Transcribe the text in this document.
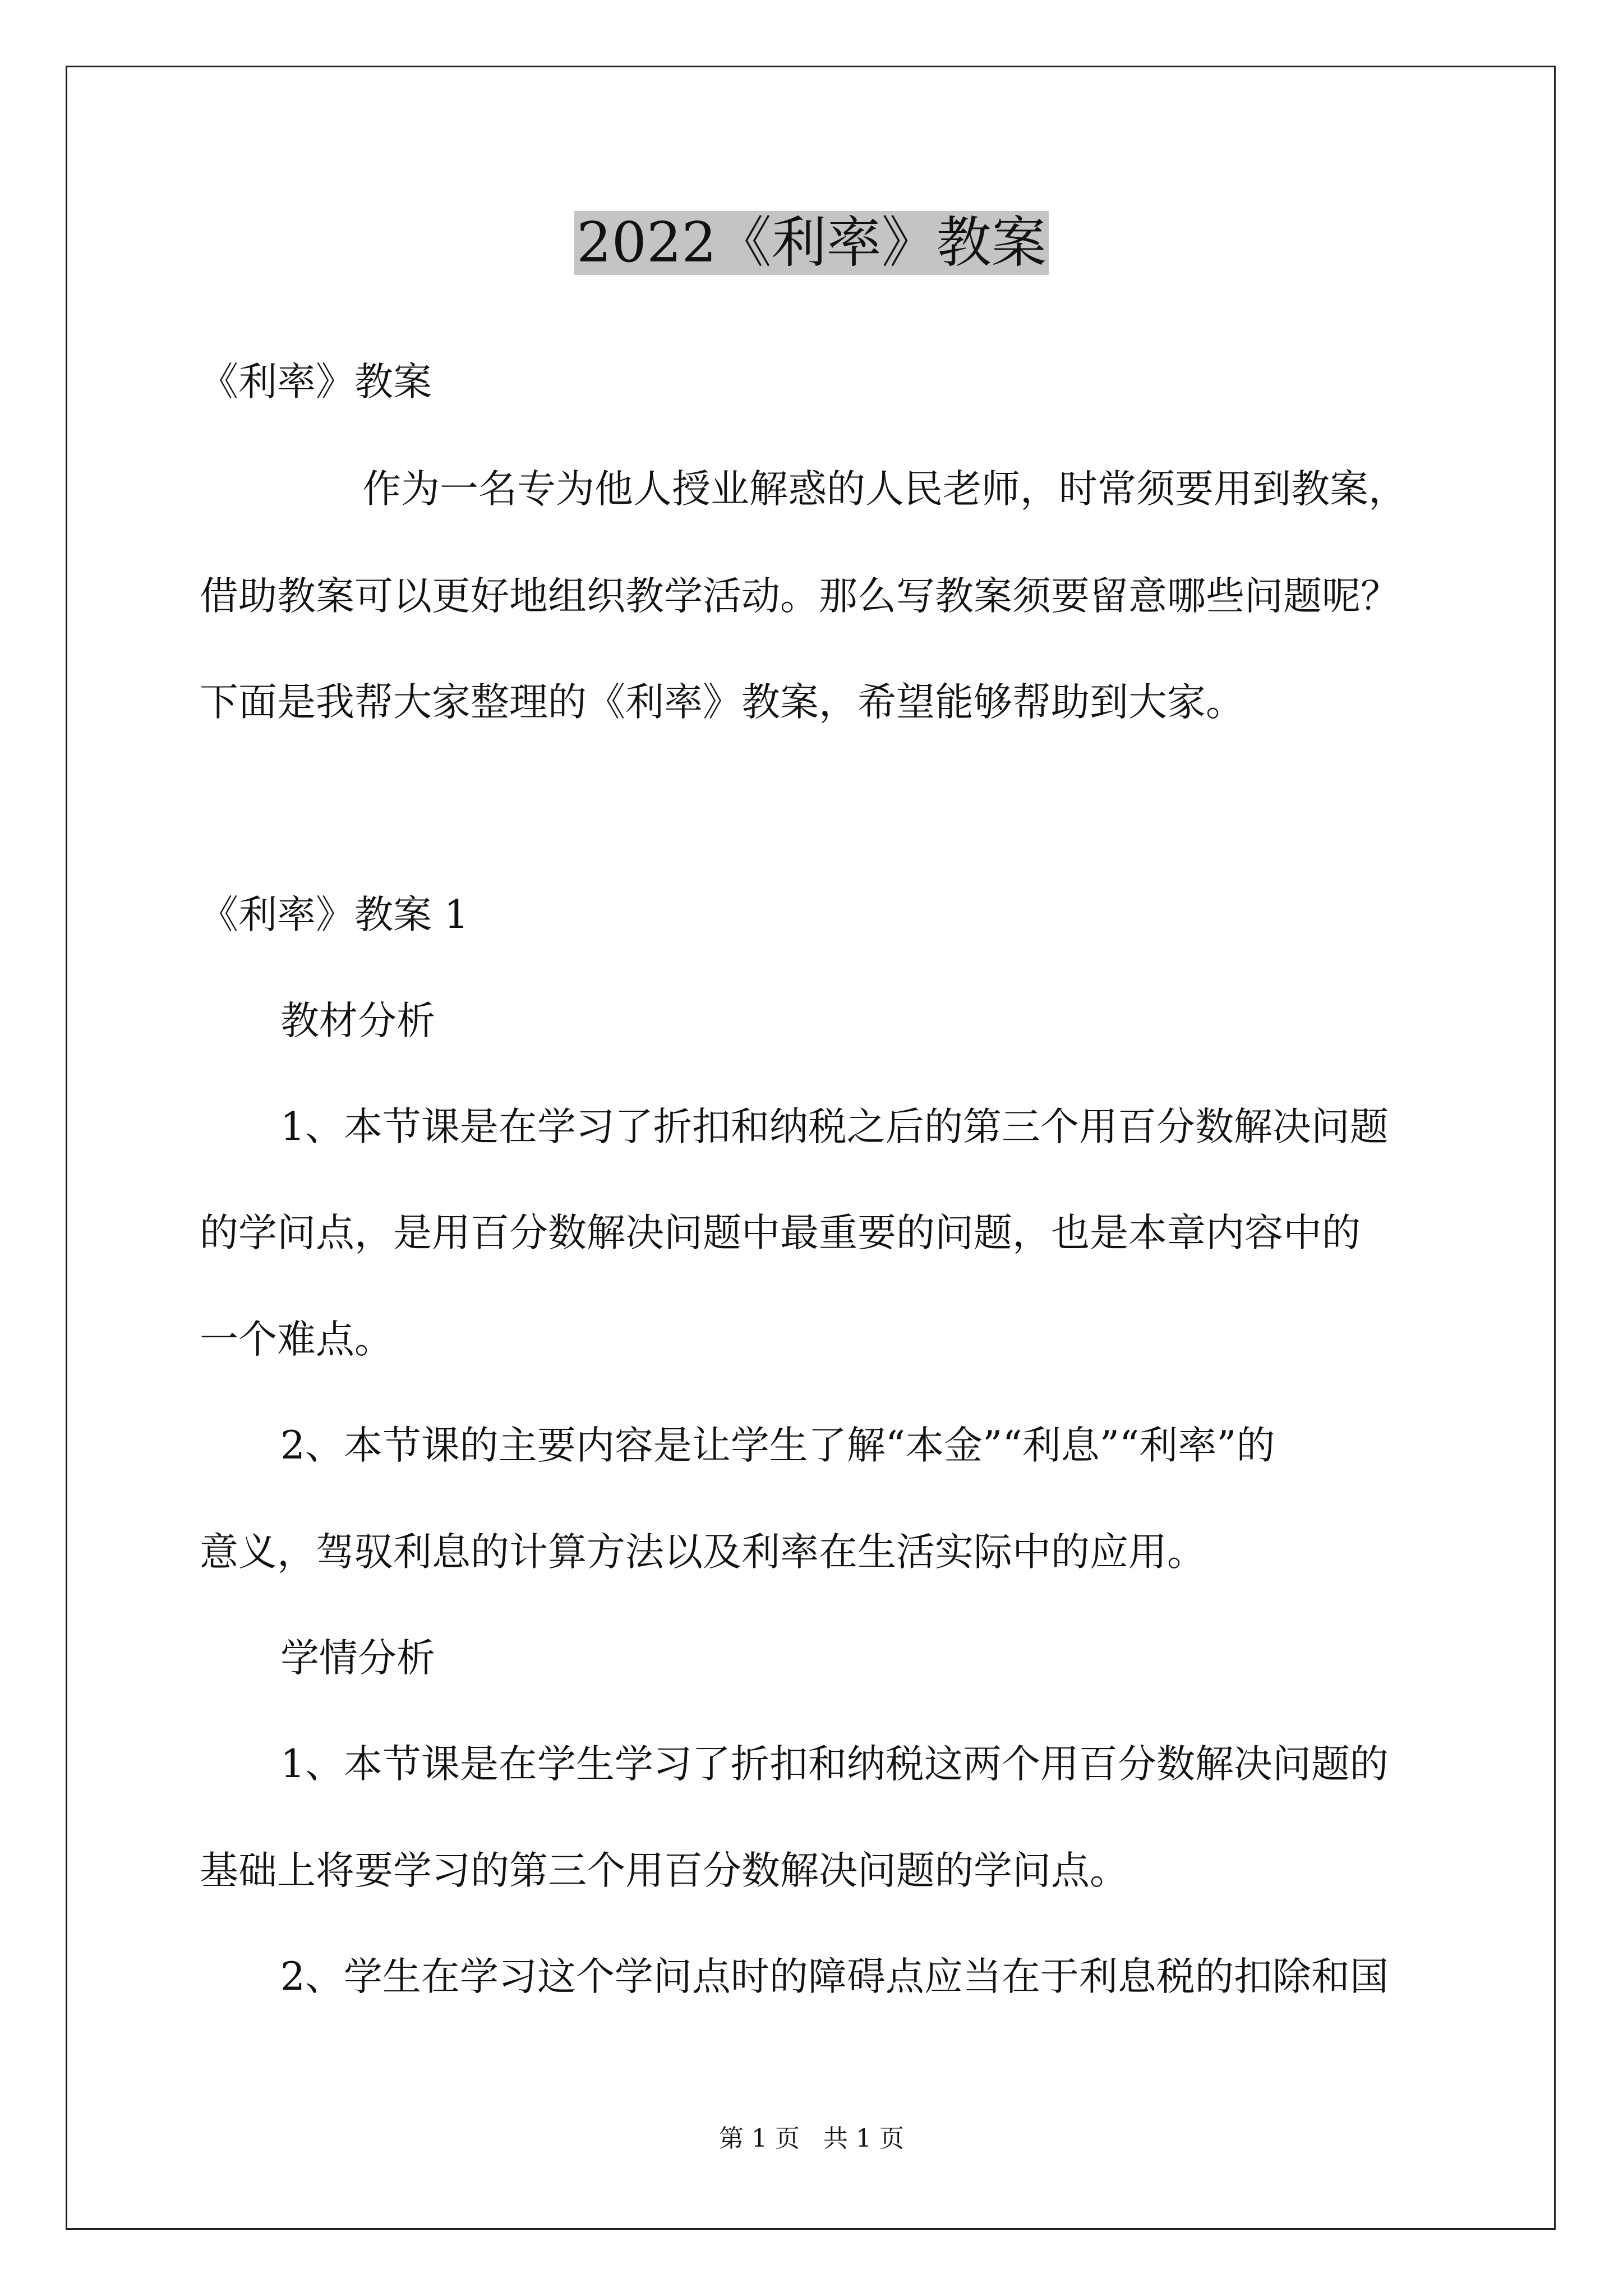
2022《利率》教案
《利率》教案
作为一名专为他人授业解惑的人民老师，时常须要用到教案，
借助教案可以更好地组织教学活动。那么写教案须要留意哪些问题呢？
下面是我帮大家整理的《利率》教案，希望能够帮助到大家。
《利率》教案 1
教材分析
1、本节课是在学习了折扣和纳税之后的第三个用百分数解决问题
的学问点，是用百分数解决问题中最重要的问题，也是本章内容中的
一个难点。
2、本节课的主要内容是让学生了解“本金”“利息”“利率”的
意义，驾驭利息的计算方法以及利率在生活实际中的应用。
学情分析
1、本节课是在学生学习了折扣和纳税这两个用百分数解决问题的
基础上将要学习的第三个用百分数解决问题的学问点。
2、学生在学习这个学问点时的障碍点应当在于利息税的扣除和国
第 1 页 共 1 页
